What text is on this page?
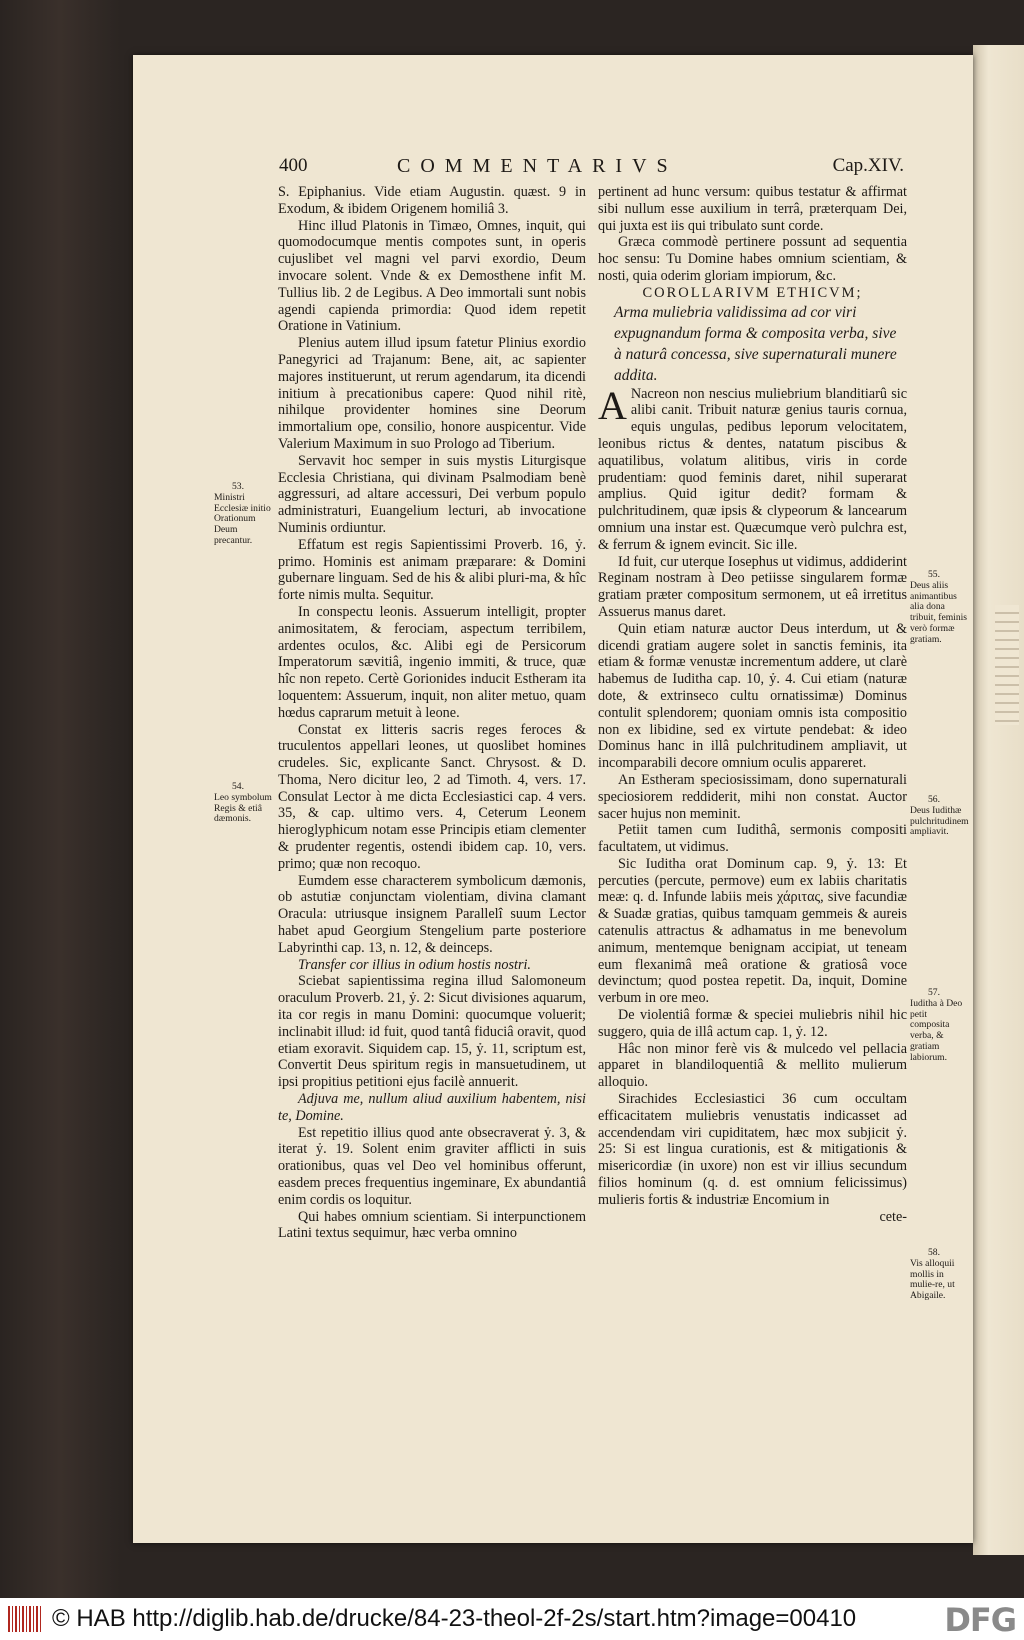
400	COMMENTARIVS	Cap.XIV.

S. Epiphanius. Vide etiam Augustin. quæst. 9 in Exodum, & ibidem Origenem homiliâ 3.

Hinc illud Platonis in Timæo, Omnes, inquit, qui quomodocumque mentis compotes sunt, in operis cujuslibet vel magni vel parvi exordio, Deum invocare solent. Vnde & ex Demosthene infit M. Tullius lib. 2 de Legibus. A Deo immortali sunt nobis agendi capienda primordia: Quod idem repetit Oratione in Vatinium.

Plenius autem illud ipsum fatetur Plinius exordio Panegyrici ad Trajanum: Bene, ait, ac sapienter majores instituerunt, ut rerum agendarum, ita dicendi initium à precationibus capere: Quod nihil ritè, nihilque providenter homines sine Deorum immortalium ope, consilio, honore auspicentur. Vide Valerium Maximum in suo Prologo ad Tiberium.

Servavit hoc semper in suis mystis Liturgisque Ecclesia Christiana, qui divinam Psalmodiam benè aggressuri, ad altare accessuri, Dei verbum populo administraturi, Euangelium lecturi, ab invocatione Numinis ordiuntur.

Effatum est regis Sapientissimi Proverb. 16, ỷ. primo. Hominis est animam præparare: & Domini gubernare linguam. Sed de his & alibi pluri-ma, & hîc forte nimis multa. Sequitur.

In conspectu leonis. Assuerum intelligit, propter animositatem, & ferociam, aspectum terribilem, ardentes oculos, &c. Alibi egi de Persicorum Imperatorum sævitiâ, ingenio immiti, & truce, quæ hîc non repeto. Certè Gorionides inducit Estheram ita loquentem: Assuerum, inquit, non aliter metuo, quam hœdus caprarum metuit à leone.

Constat ex litteris sacris reges feroces & truculentos appellari leones, ut quoslibet homines crudeles. Sic, explicante Sanct. Chrysost. & D. Thoma, Nero dicitur leo, 2 ad Timoth. 4, vers. 17. Consulat Lector à me dicta Ecclesiastici cap. 4 vers. 35, & cap. ultimo vers. 4, Ceterum Leonem hieroglyphicum notam esse Principis etiam clementer & prudenter regentis, ostendi ibidem cap. 10, vers. primo; quæ non recoquo.

Eumdem esse characterem symbolicum dæmonis, ob astutiæ conjunctam violentiam, divina clamant Oracula: utriusque insignem Parallelî suum Lector habet apud Georgium Stengelium parte posteriore Labyrinthi cap. 13, n. 12, & deinceps.

Transfer cor illius in odium hostis nostri.

Sciebat sapientissima regina illud Salomoneum oraculum Proverb. 21, ỷ. 2: Sicut divisiones aquarum, ita cor regis in manu Domini: quocumque voluerit; inclinabit illud: id fuit, quod tantâ fiduciâ oravit, quod etiam exoravit. Siquidem cap. 15, ỷ. 11, scriptum est, Convertit Deus spiritum regis in mansuetudinem, ut ipsi propitius petitioni ejus facilè annuerit.

Adjuva me, nullum aliud auxilium habentem, nisi te, Domine.

Est repetitio illius quod ante obsecraverat ỷ. 3, & iterat ỷ. 19. Solent enim graviter afflicti in suis orationibus, quas vel Deo vel hominibus offerunt, easdem preces frequentius ingeminare, Ex abundantiâ enim cordis os loquitur.

Qui habes omnium scientiam. Si interpunctionem Latini textus sequimur, hæc verba omnino

pertinent ad hunc versum: quibus testatur & affirmat sibi nullum esse auxilium in terrâ, præterquam Dei, qui juxta est iis qui tribulato sunt corde.

Græca commodè pertinere possunt ad sequentia hoc sensu: Tu Domine habes omnium scientiam, & nosti, quia oderim gloriam impiorum, &c.

COROLLARIVM ETHICVM;

Arma muliebria validissima ad cor viri expugnandum forma & composita verba, sive à naturâ concessa, sive supernaturali munere addita.

A Nacreon non nescius muliebrium blanditiarû sic alibi canit. Tribuit naturæ genius tauris cornua, equis ungulas, pedibus leporum velocitatem, leonibus rictus & dentes, natatum piscibus & aquatilibus, volatum alitibus, viris in corde prudentiam: quod feminis daret, nihil superarat amplius. Quid igitur dedit? formam & pulchritudinem, quæ ipsis & clypeorum & lancearum omnium una instar est. Quæcumque verò pulchra est, & ferrum & ignem evincit. Sic ille.

Id fuit, cur uterque Iosephus ut vidimus, addiderint Reginam nostram à Deo petiisse singularem formæ gratiam præter compositum sermonem, ut eâ irretitus Assuerus manus daret.

Quin etiam naturæ auctor Deus interdum, ut & dicendi gratiam augere solet in sanctis feminis, ita etiam & formæ venustæ incrementum addere, ut clarè habemus de Iuditha cap. 10, ỷ. 4. Cui etiam (naturæ dote, & extrinseco cultu ornatissimæ) Dominus contulit splendorem; quoniam omnis ista compositio non ex libidine, sed ex virtute pendebat: & ideo Dominus hanc in illâ pulchritudinem ampliavit, ut incomparabili decore omnium oculis appareret.

An Estheram speciosissimam, dono supernaturali speciosiorem reddiderit, mihi non constat. Auctor sacer hujus non meminit.

Petiit tamen cum Iudithâ, sermonis compositi facultatem, ut vidimus.

Sic Iuditha orat Dominum cap. 9, ỷ. 13: Et percuties (percute, permove) eum ex labiis charitatis meæ: q. d. Infunde labiis meis χάριτας, sive facundiæ & Suadæ gratias, quibus tamquam gemmeis & aureis catenulis attractus & adhamatus in me benevolum animum, mentemque benignam accipiat, ut teneam eum flexanimâ meâ oratione & gratiosâ voce devinctum; quod postea repetit. Da, inquit, Domine verbum in ore meo.

De violentiâ formæ & speciei muliebris nihil hic suggero, quia de illâ actum cap. 1, ỷ. 12.

Hâc non minor ferè vis & mulcedo vel pellacia apparet in blandiloquentiâ & mellito mulierum alloquio.

Sirachides Ecclesiastici 36 cum occultam efficacitatem muliebris venustatis indicasset ad accendendam viri cupiditatem, hæc mox subjicit ỷ. 25: Si est lingua curationis, est & mitigationis & misericordiæ (in uxore) non est vir illius secundum filios hominum (q. d. est omnium felicissimus) mulieris fortis & industriæ Encomium in

cete-

53.
Ministri Ecclesiæ initio Orationum Deum precantur.
54.
Leo symbolum Regis & etiâ dæmonis.
55.
Deus aliis animantibus alia dona tribuit, feminis verò formæ gratiam.
56.
Deus Iudithæ pulchritudinem ampliavit.
57.
Iuditha à Deo petit composita verba, & gratiam labiorum.
58.
Vis alloquii mollis in mulie-re, ut Abigaile.
© HAB http://diglib.hab.de/drucke/84-23-theol-2f-2s/start.htm?image=00410	DFG
